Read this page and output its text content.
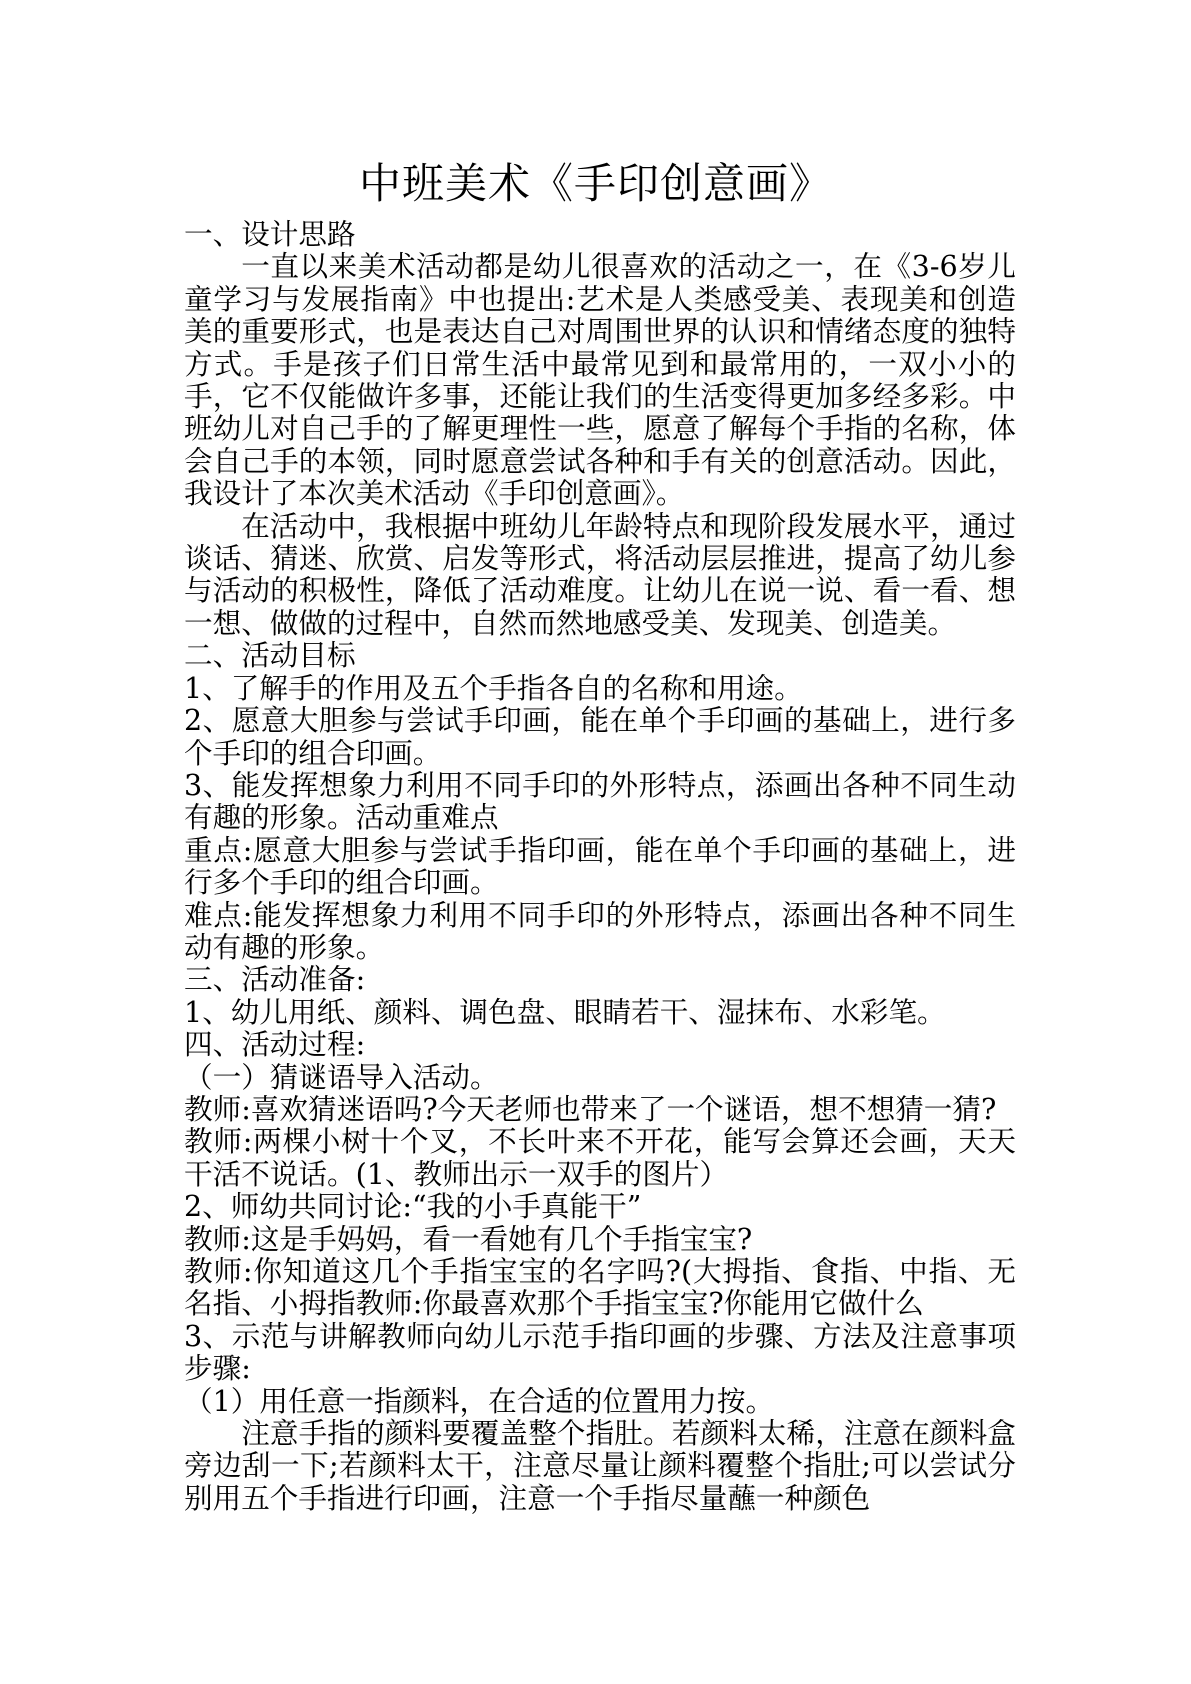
中班美术《手印创意画》

一、设计思路

一直以来美术活动都是幼儿很喜欢的活动之一，在《3-6岁儿童学习与发展指南》中也提出:艺术是人类感受美、表现美和创造美的重要形式，也是表达自己对周围世界的认识和情绪态度的独特方式。手是孩子们日常生活中最常见到和最常用的，一双小小的手，它不仅能做许多事，还能让我们的生活变得更加多经多彩。中班幼儿对自己手的了解更理性一些，愿意了解每个手指的名称，体会自己手的本领，同时愿意尝试各种和手有关的创意活动。因此，我设计了本次美术活动《手印创意画》。

在活动中，我根据中班幼儿年龄特点和现阶段发展水平，通过谈话、猜迷、欣赏、启发等形式，将活动层层推进，提高了幼儿参与活动的积极性，降低了活动难度。让幼儿在说一说、看一看、想一想、做做的过程中，自然而然地感受美、发现美、创造美。

二、活动目标

1、了解手的作用及五个手指各自的名称和用途。

2、愿意大胆参与尝试手印画，能在单个手印画的基础上，进行多个手印的组合印画。

3、能发挥想象力利用不同手印的外形特点，添画出各种不同生动有趣的形象。活动重难点

重点:愿意大胆参与尝试手指印画，能在单个手印画的基础上，进行多个手印的组合印画。

难点:能发挥想象力利用不同手印的外形特点，添画出各种不同生动有趣的形象。

三、活动准备:

1、幼儿用纸、颜料、调色盘、眼睛若干、湿抹布、水彩笔。

四、活动过程:

（一）猜谜语导入活动。

教师:喜欢猜迷语吗?今天老师也带来了一个谜语，想不想猜一猜?

教师:两棵小树十个叉，不长叶来不开花，能写会算还会画，天天干活不说话。(1、教师出示一双手的图片）

2、师幼共同讨论:“我的小手真能干”

教师:这是手妈妈，看一看她有几个手指宝宝?

教师:你知道这几个手指宝宝的名字吗?(大拇指、食指、中指、无名指、小拇指教师:你最喜欢那个手指宝宝?你能用它做什么

3、示范与讲解教师向幼儿示范手指印画的步骤、方法及注意事项步骤:

（1）用任意一指颜料，在合适的位置用力按。

注意手指的颜料要覆盖整个指肚。若颜料太稀，注意在颜料盒旁边刮一下;若颜料太干，注意尽量让颜料覆整个指肚;可以尝试分别用五个手指进行印画，注意一个手指尽量蘸一种颜色
